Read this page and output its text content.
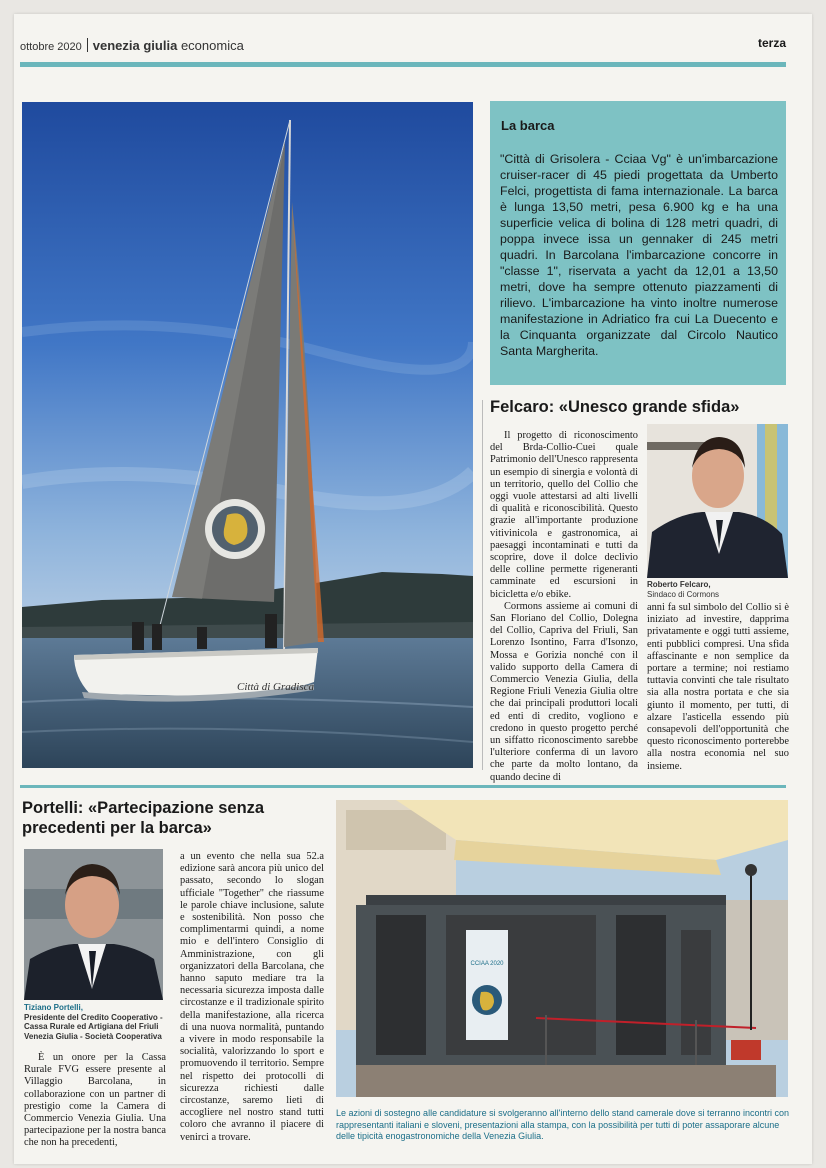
ottobre 2020 venezia giulia economica	terza
Città di Gradisca
La barca
"Città di Grisolera - Cciaa Vg" è un'imbarcazione cruiser-racer di 45 piedi progettata da Umberto Felci, progettista di fama internazionale. La barca è lunga 13,50 metri, pesa 6.900 kg e ha una superficie velica di bolina di 128 metri quadri, di poppa invece issa un gennaker di 245 metri quadri. In Barcolana l'imbarcazione concorre in "classe 1", riservata a yacht da 12,01 a 13,50 metri, dove ha sempre ottenuto piazzamenti di rilievo. L'imbarcazione ha vinto inoltre numerose manifestazione in Adriatico fra cui La Duecento e la Cinquanta organizzate dal Circolo Nautico Santa Margherita.
Felcaro: «Unesco grande sfida»

Il progetto di riconoscimento del Brda-Collio-Cuei quale Patrimonio dell'Unesco rappresenta un esempio di sinergia e volontà di un territorio, quello del Collio che oggi vuole attestarsi ad alti livelli di qualità e riconoscibilità. Questo grazie all'importante produzione vitivinicola e gastronomica, ai paesaggi incontaminati e tutti da scoprire, dove il dolce declivio delle colline permette rigeneranti camminate ed escursioni in bicicletta e/o ebike.

Cormons assieme ai comuni di San Floriano del Collio, Dolegna del Collio, Capriva del Friuli, San Lorenzo Isontino, Farra d'Isonzo, Mossa e Gorizia nonché con il valido supporto della Camera di Commercio Venezia Giulia, della Regione Friuli Venezia Giulia oltre che dai principali produttori locali ed enti di credito, vogliono e credono in questo progetto perché un siffatto riconoscimento sarebbe l'ulteriore conferma di un lavoro che parte da molto lontano, da quando decine di

Roberto Felcaro,
Sindaco di Cormons

anni fa sul simbolo del Collio si è iniziato ad investire, dapprima privatamente e oggi tutti assieme, enti pubblici compresi. Una sfida affascinante e non semplice da portare a termine; noi restiamo tuttavia convinti che tale risultato sia alla nostra portata e che sia giunto il momento, per tutti, di alzare l'asticella essendo più consapevoli dell'opportunità che questo riconoscimento porterebbe alla nostra economia nel suo insieme.

Portelli: «Partecipazione senza
precedenti per la barca»
Tiziano Portelli,
Presidente del Credito Cooperativo - Cassa Rurale ed Artigiana del Friuli Venezia Giulia - Società Cooperativa

È un onore per la Cassa Rurale FVG essere presente al Villaggio Barcolana, in collaborazione con un partner di prestigio come la Camera di Commercio Venezia Giulia. Una partecipazione per la nostra banca che non ha precedenti,

a un evento che nella sua 52.a edizione sarà ancora più unico del passato, secondo lo slogan ufficiale "Together" che riassume le parole chiave inclusione, salute e sostenibilità. Non posso che complimentarmi quindi, a nome mio e dell'intero Consiglio di Amministrazione, con gli organizzatori della Barcolana, che hanno saputo mediare tra la necessaria sicurezza imposta dalle circostanze e il tradizionale spirito della manifestazione, alla ricerca di una nuova normalità, puntando a vivere in modo responsabile la socialità, valorizzando lo sport e promuovendo il territorio. Sempre nel rispetto dei protocolli di sicurezza richiesti dalle circostanze, saremo lieti di accogliere nel nostro stand tutti coloro che avranno il piacere di venirci a trovare.

CCIAA 2020
Le azioni di sostegno alle candidature si svolgeranno all'interno dello stand camerale dove si terranno incontri con rappresentanti italiani e sloveni, presentazioni alla stampa, con la possibilità per tutti di poter assaporare alcune delle tipicità enogastronomiche della Venezia Giulia.
